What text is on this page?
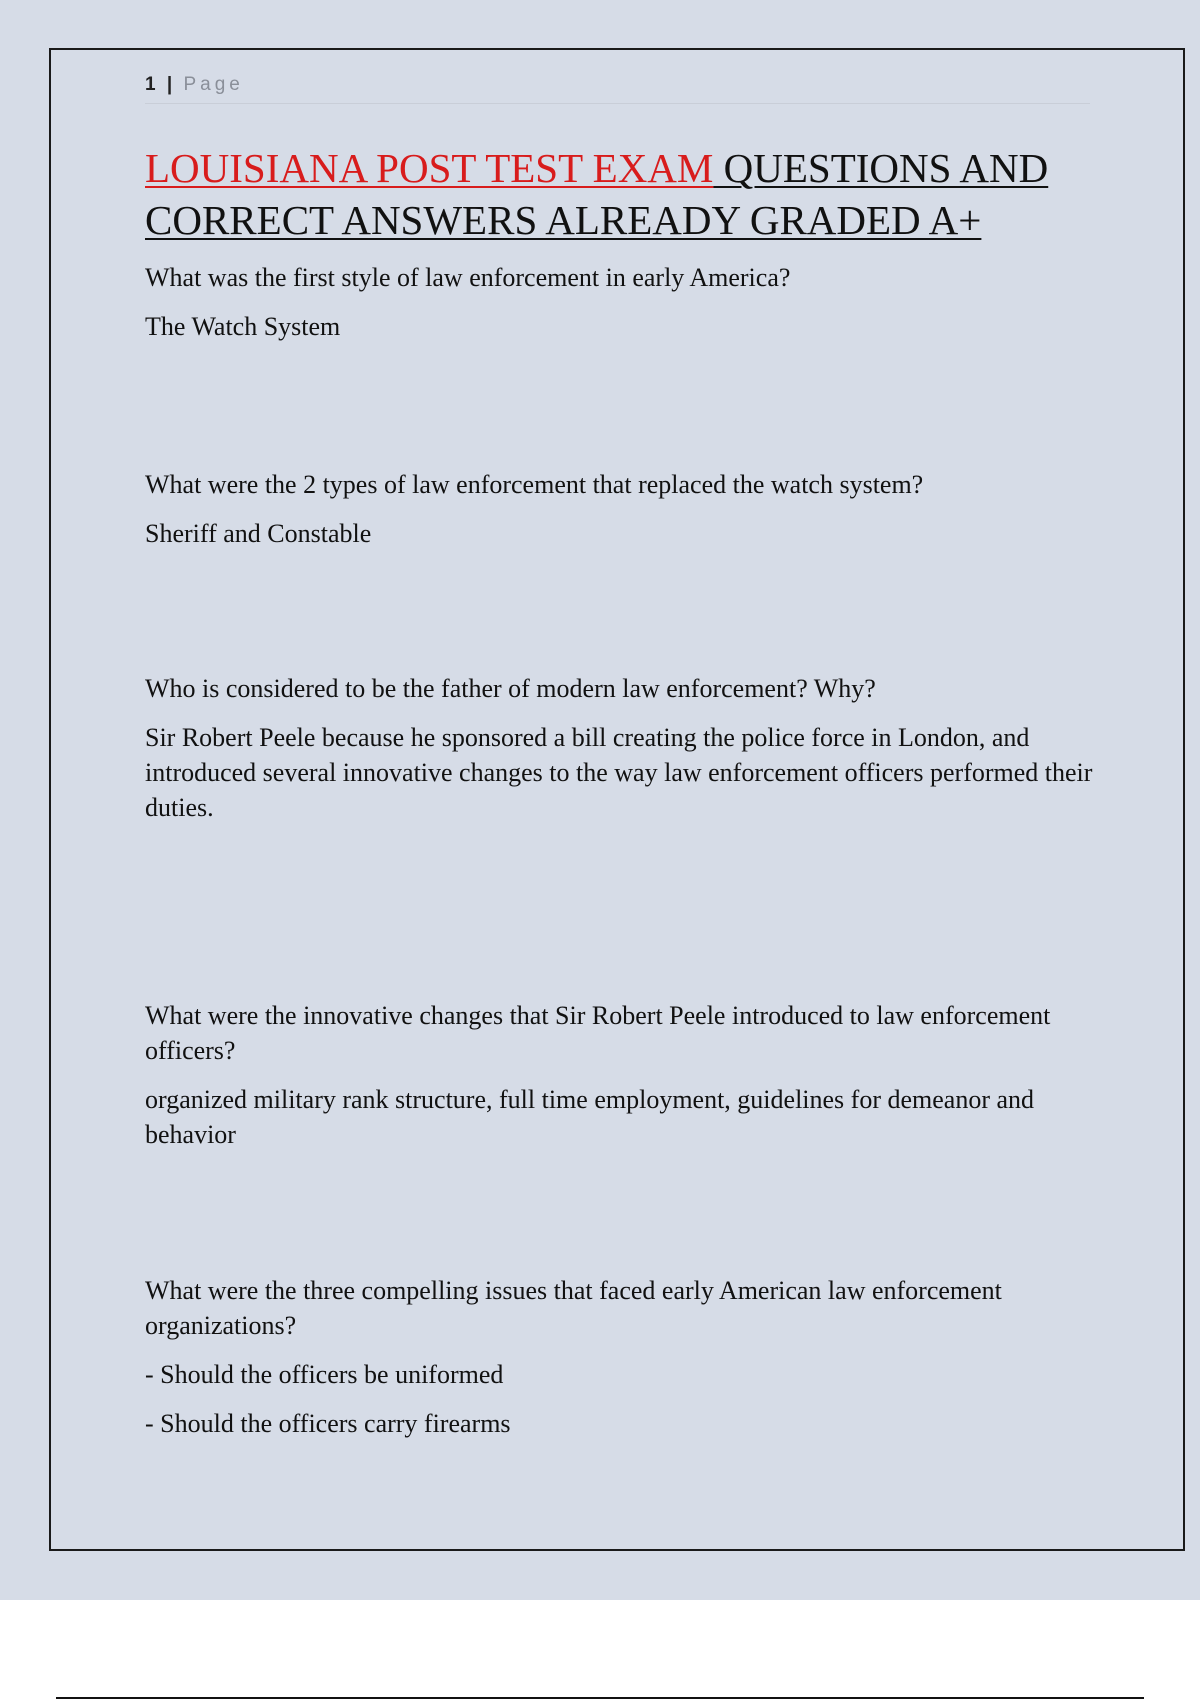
1 | Page
LOUISIANA POST TEST EXAM QUESTIONS AND
CORRECT ANSWERS ALREADY GRADED A+

What was the first style of law enforcement in early America?

The Watch System

What were the 2 types of law enforcement that replaced the watch system?

Sheriff and Constable

Who is considered to be the father of modern law enforcement? Why?

Sir Robert Peele because he sponsored a bill creating the police force in London, and introduced several innovative changes to the way law enforcement officers performed their duties.

What were the innovative changes that Sir Robert Peele introduced to law enforcement officers?

organized military rank structure, full time employment, guidelines for demeanor and behavior

What were the three compelling issues that faced early American law enforcement organizations?

- Should the officers be uniformed

- Should the officers carry firearms
